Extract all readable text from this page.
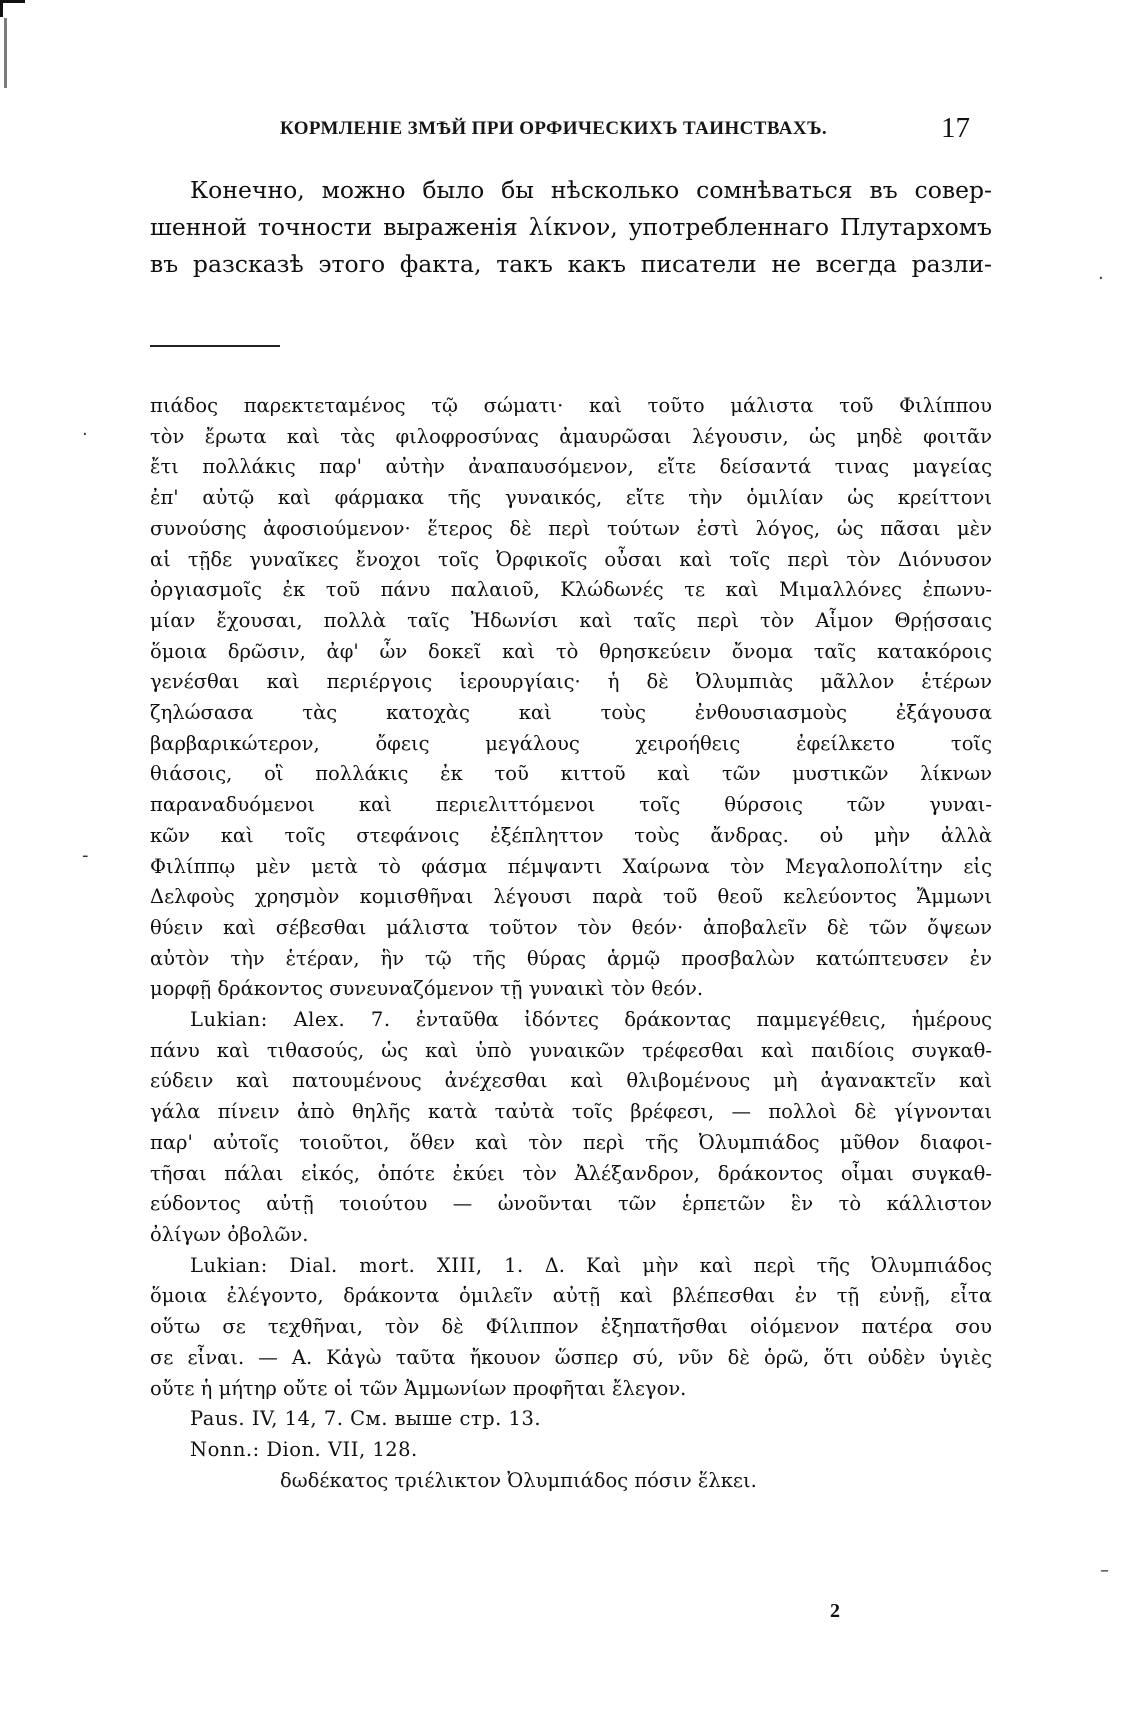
КОРМЛЕНІЕ ЗМѢЙ ПРИ ОРФИЧЕСКИХЪ ТАИНСТВАХЪ.	17
Конечно, можно было бы нѣсколько сомнѣваться въ совер-
шенной точности выраженія λίκνον, употребленнаго Плутархомъ
въ разсказѣ этого факта, такъ какъ писатели не всегда разли-
πιάδος παρεκτεταμένος τῷ σώματι· καὶ τοῦτο μάλιστα τοῦ Φιλίππου
τὸν ἔρωτα καὶ τὰς φιλοφροσύνας ἀμαυρῶσαι λέγουσιν, ὡς μηδὲ φοιτᾶν
ἔτι πολλάκις παρ' αὐτὴν ἀναπαυσόμενον, εἴτε δείσαντά τινας μαγείας
ἐπ' αὐτῷ καὶ φάρμακα τῆς γυναικός, εἴτε τὴν ὁμιλίαν ὡς κρείττονι
συνούσης ἀφοσιούμενον· ἕτερος δὲ περὶ τούτων ἐστὶ λόγος, ὡς πᾶσαι μὲν
αἱ τῇδε γυναῖκες ἔνοχοι τοῖς Ὀρφικοῖς οὖσαι καὶ τοῖς περὶ τὸν Διόνυσον
ὀργιασμοῖς ἐκ τοῦ πάνυ παλαιοῦ, Κλώδωνές τε καὶ Μιμαλλόνες ἐπωνυ-
μίαν ἔχουσαι, πολλὰ ταῖς Ἠδωνίσι καὶ ταῖς περὶ τὸν Αἷμον Θρῄσσαις
ὅμοια δρῶσιν, ἀφ' ὧν δοκεῖ καὶ τὸ θρησκεύειν ὄνομα ταῖς κατακόροις
γενέσθαι καὶ περιέργοις ἱερουργίαις· ἡ δὲ Ὀλυμπιὰς μᾶλλον ἑτέρων
ζηλώσασα τὰς κατοχὰς καὶ τοὺς ἐνθουσιασμοὺς ἐξάγουσα
βαρβαρικώτερον, ὄφεις μεγάλους χειροήθεις ἐφείλκετο τοῖς
θιάσοις, οἳ πολλάκις ἐκ τοῦ κιττοῦ καὶ τῶν μυστικῶν λίκνων
παραναδυόμενοι καὶ περιελιττόμενοι τοῖς θύρσοις τῶν γυναι-
κῶν καὶ τοῖς στεφάνοις ἐξέπληττον τοὺς ἄνδρας. οὐ μὴν ἀλλὰ
Φιλίππῳ μὲν μετὰ τὸ φάσμα πέμψαντι Χαίρωνα τὸν Μεγαλοπολίτην εἰς
Δελφοὺς χρησμὸν κομισθῆναι λέγουσι παρὰ τοῦ θεοῦ κελεύοντος Ἄμμωνι
θύειν καὶ σέβεσθαι μάλιστα τοῦτον τὸν θεόν· ἀποβαλεῖν δὲ τῶν ὄψεων
αὐτὸν τὴν ἑτέραν, ἣν τῷ τῆς θύρας ἁρμῷ προσβαλὼν κατώπτευσεν ἐν
μορφῇ δράκοντος συνευναζόμενον τῇ γυναικὶ τὸν θεόν.
Lukian: Alex. 7. ἐνταῦθα ἰδόντες δράκοντας παμμεγέθεις, ἡμέρους
πάνυ καὶ τιθασούς, ὡς καὶ ὑπὸ γυναικῶν τρέφεσθαι καὶ παιδίοις συγκαθ-
εύδειν καὶ πατουμένους ἀνέχεσθαι καὶ θλιβομένους μὴ ἀγανακτεῖν καὶ
γάλα πίνειν ἀπὸ θηλῆς κατὰ ταὐτὰ τοῖς βρέφεσι, — πολλοὶ δὲ γίγνονται
παρ' αὐτοῖς τοιοῦτοι, ὅθεν καὶ τὸν περὶ τῆς Ὀλυμπιάδος μῦθον διαφοι-
τῆσαι πάλαι εἰκός, ὁπότε ἐκύει τὸν Ἀλέξανδρον, δράκοντος οἶμαι συγκαθ-
εύδοντος αὐτῇ τοιούτου — ὠνοῦνται τῶν ἑρπετῶν ἓν τὸ κάλλιστον
ὀλίγων ὀβολῶν.
Lukian: Dial. mort. XIII, 1. Δ. Καὶ μὴν καὶ περὶ τῆς Ὀλυμπιάδος
ὅμοια ἐλέγοντο, δράκοντα ὁμιλεῖν αὐτῇ καὶ βλέπεσθαι ἐν τῇ εὐνῇ, εἶτα
οὕτω σε τεχθῆναι, τὸν δὲ Φίλιππον ἐξηπατῆσθαι οἰόμενον πατέρα σου
σε εἶναι. — Α. Κἀγὼ ταῦτα ἤκουον ὥσπερ σύ, νῦν δὲ ὁρῶ, ὅτι οὐδὲν ὑγιὲς
οὔτε ἡ μήτηρ οὔτε οἱ τῶν Ἀμμωνίων προφῆται ἔλεγον.
Paus. IV, 14, 7. См. выше стр. 13.
Nonn.: Dion. VII, 128.
δωδέκατος τριέλικτον Ὀλυμπιάδος πόσιν ἕλκει.
2
·
·
-
–
